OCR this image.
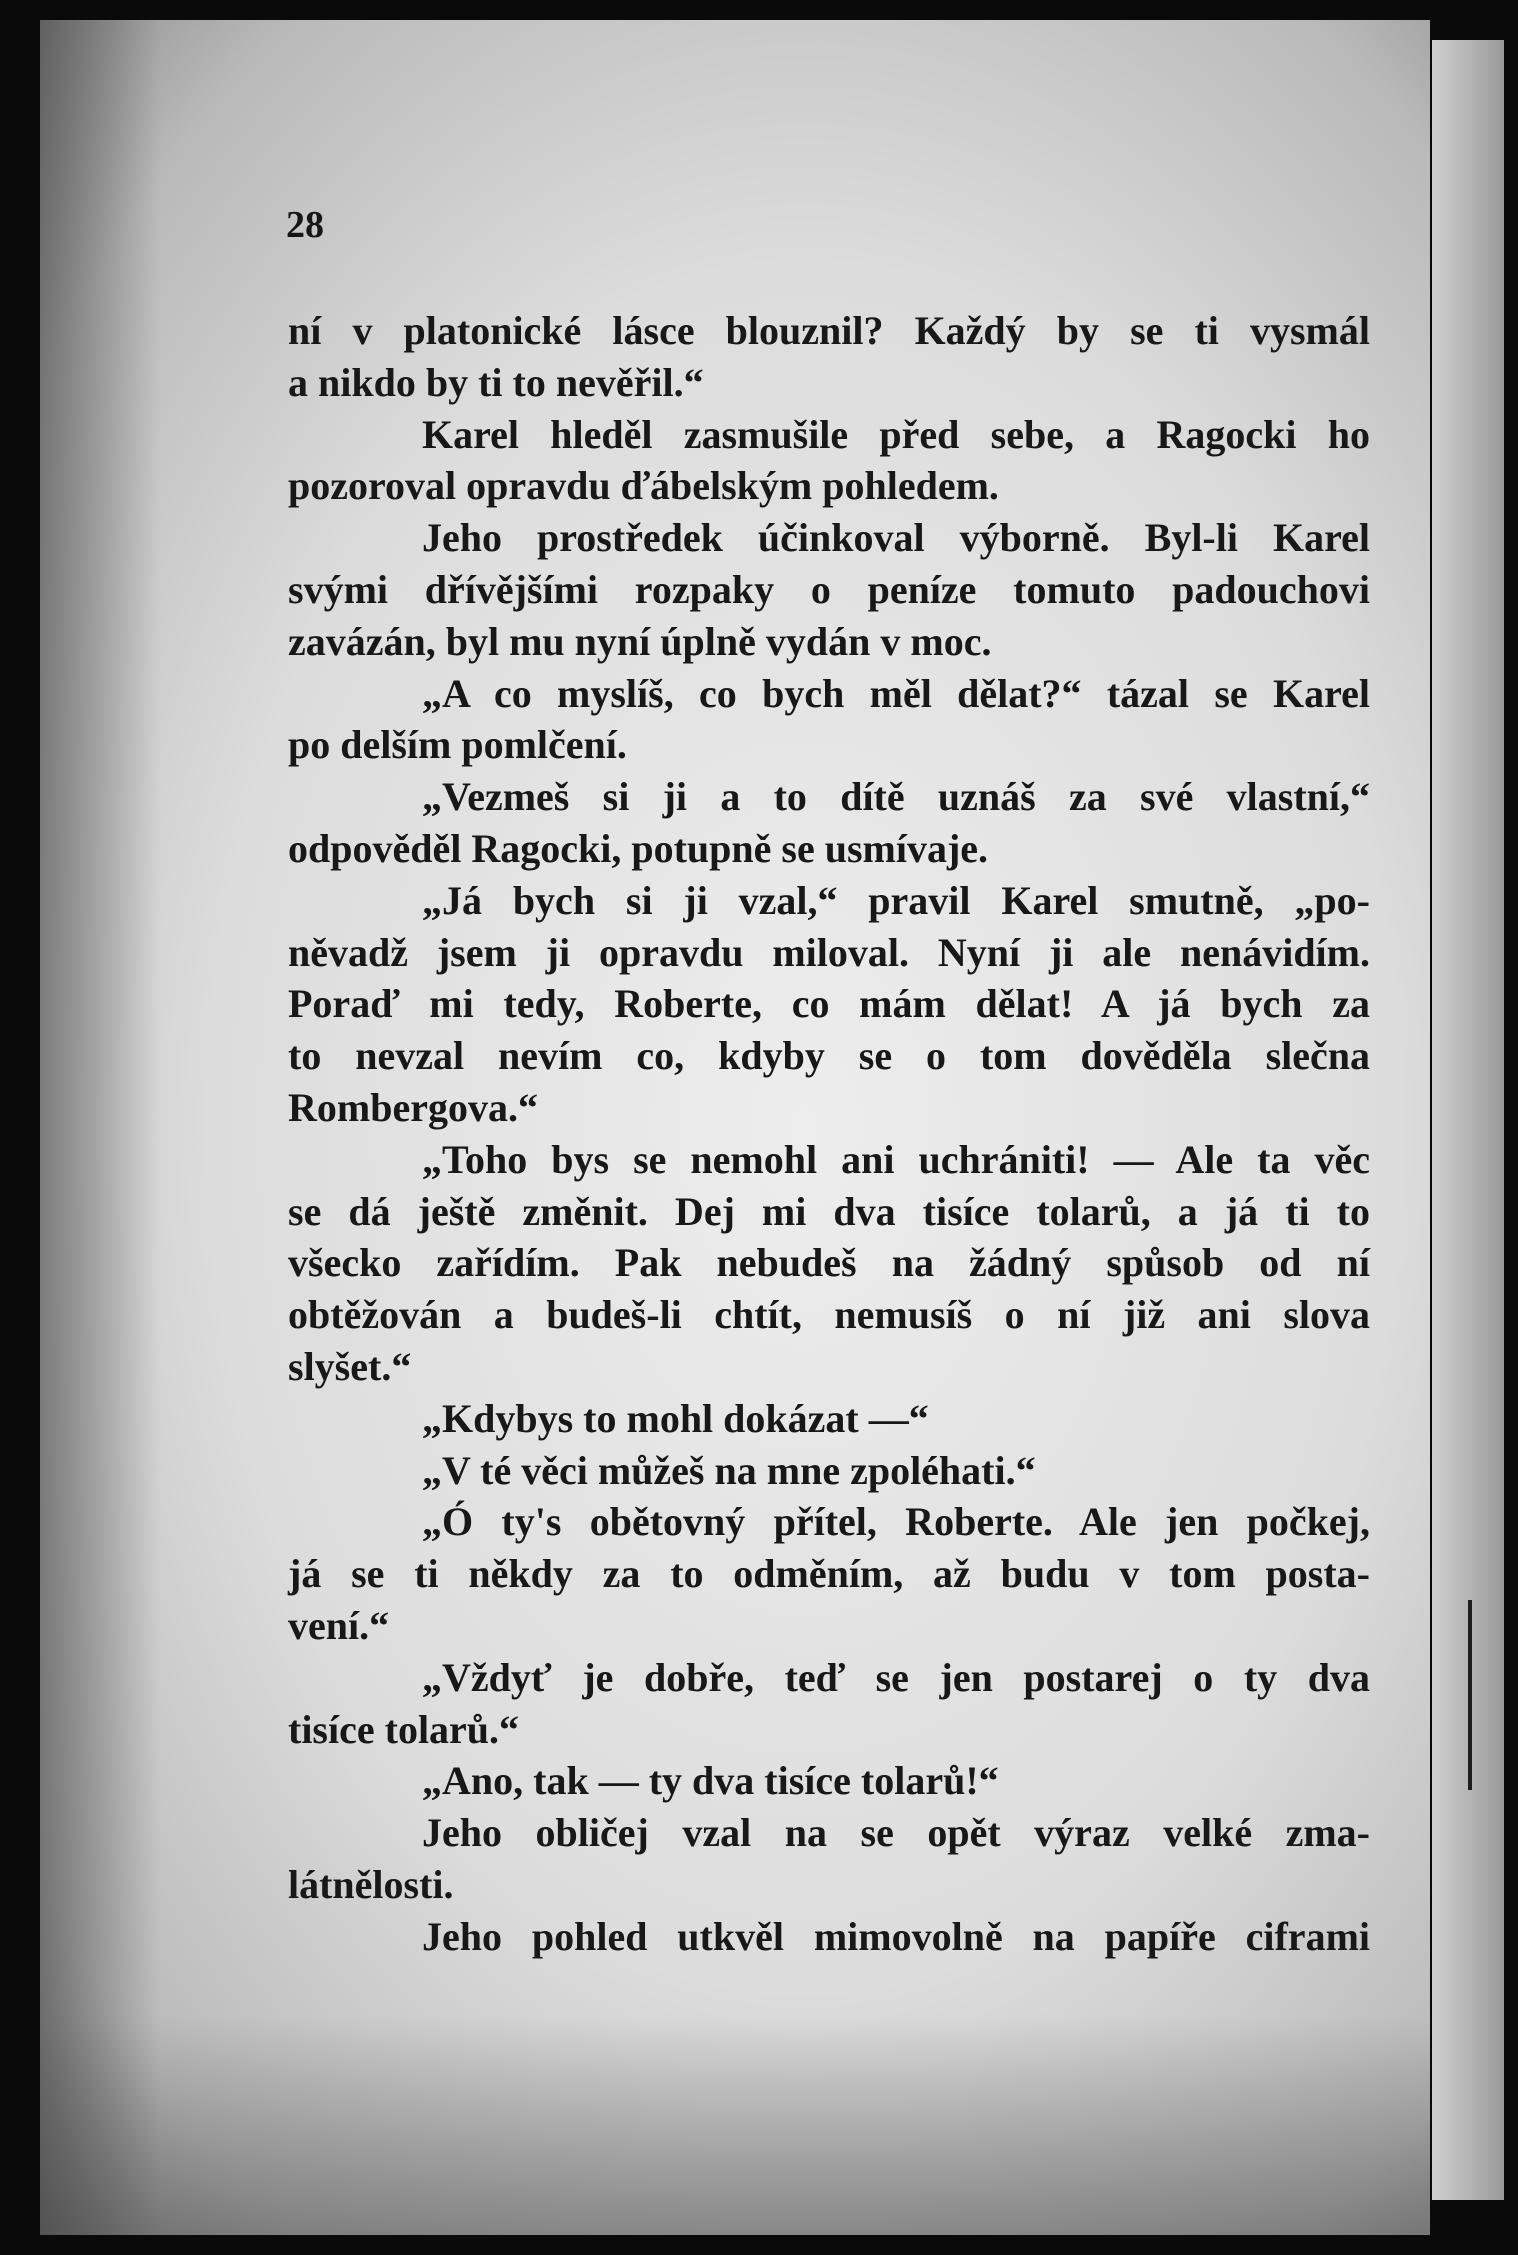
28

ní v platonické lásce blouznil? Každý by se ti vysmál
a nikdo by ti to nevěřil.“
Karel hleděl zasmušile před sebe, a Ragocki ho
pozoroval opravdu ďábelským pohledem.
Jeho prostředek účinkoval výborně. Byl-li Karel
svými dřívějšími rozpaky o peníze tomuto padouchovi
zavázán, byl mu nyní úplně vydán v moc.
„A co myslíš, co bych měl dělat?“ tázal se Karel
po delším pomlčení.
„Vezmeš si ji a to dítě uznáš za své vlastní,“
odpověděl Ragocki, potupně se usmívaje.
„Já bych si ji vzal,“ pravil Karel smutně, „po-
něvadž jsem ji opravdu miloval. Nyní ji ale nenávidím.
Poraď mi tedy, Roberte, co mám dělat! A já bych za
to nevzal nevím co, kdyby se o tom dověděla slečna
Rombergova.“
„Toho bys se nemohl ani uchrániti! — Ale ta věc
se dá ještě změnit. Dej mi dva tisíce tolarů, a já ti to
všecko zařídím. Pak nebudeš na žádný spůsob od ní
obtěžován a budeš-li chtít, nemusíš o ní již ani slova
slyšet.“
„Kdybys to mohl dokázat —“
„V té věci můžeš na mne zpoléhati.“
„Ó ty's obětovný přítel, Roberte. Ale jen počkej,
já se ti někdy za to odměním, až budu v tom posta-
vení.“
„Vždyť je dobře, teď se jen postarej o ty dva
tisíce tolarů.“
„Ano, tak — ty dva tisíce tolarů!“
Jeho obličej vzal na se opět výraz velké zma-
látnělosti.
Jeho pohled utkvěl mimovolně na papíře ciframi
